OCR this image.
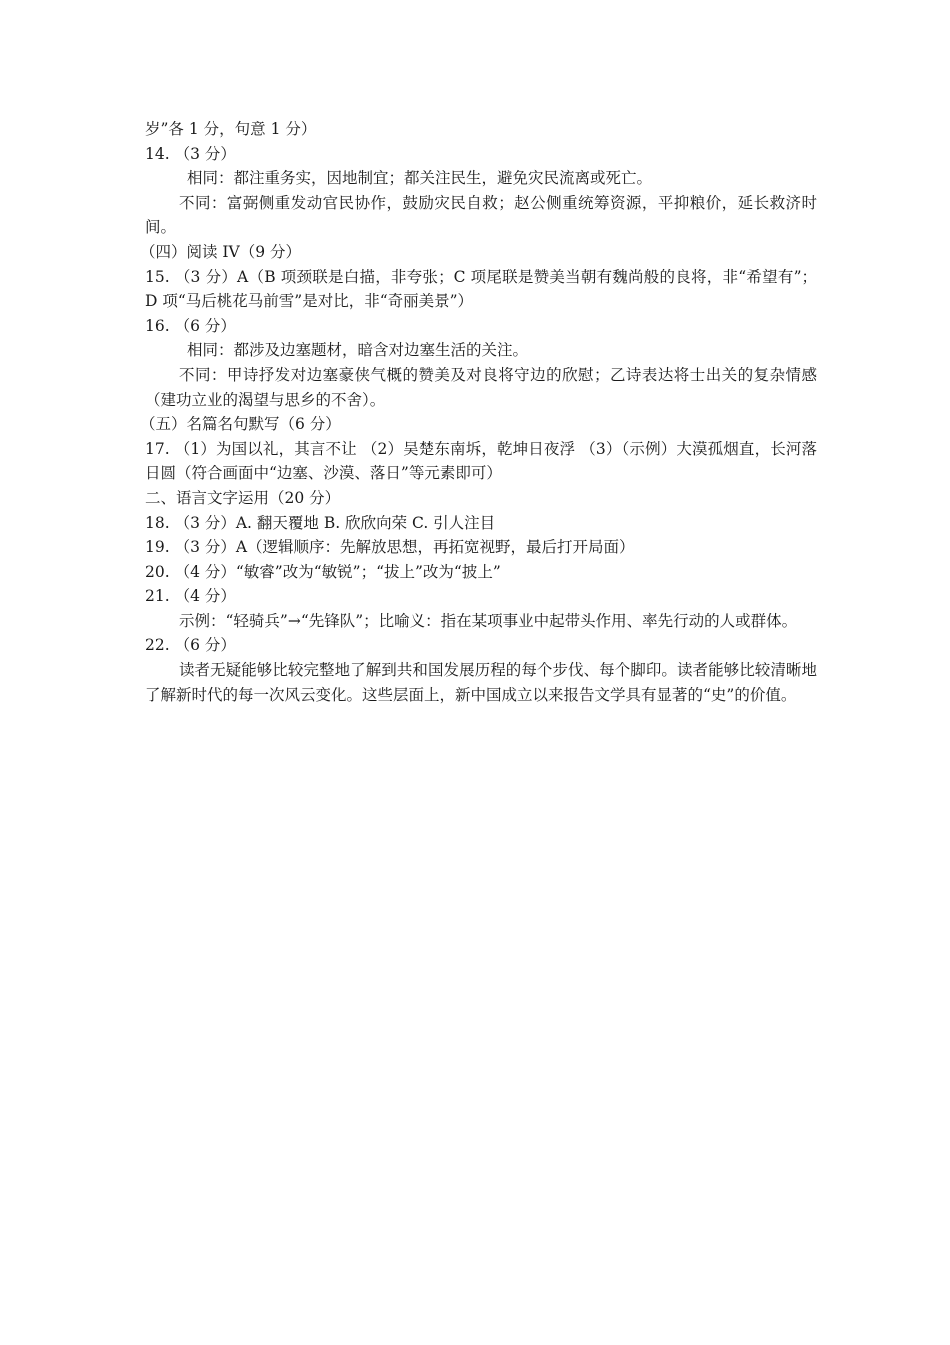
岁”各 1 分，句意 1 分）
14. （3 分）
相同：都注重务实，因地制宜；都关注民生，避免灾民流离或死亡。
不同：富弼侧重发动官民协作，鼓励灾民自救；赵公侧重统筹资源，平抑粮价，延长救济时间。
（四）阅读 IV（9 分）
15. （3 分）A（B 项颈联是白描，非夸张；C 项尾联是赞美当朝有魏尚般的良将，非“希望有”；D 项“马后桃花马前雪”是对比，非“奇丽美景”）
16. （6 分）
相同：都涉及边塞题材，暗含对边塞生活的关注。
不同：甲诗抒发对边塞豪侠气概的赞美及对良将守边的欣慰；乙诗表达将士出关的复杂情感（建功立业的渴望与思乡的不舍）。
（五）名篇名句默写（6 分）
17. （1）为国以礼，其言不让 （2）吴楚东南坼，乾坤日夜浮 （3）（示例）大漠孤烟直，长河落日圆（符合画面中“边塞、沙漠、落日”等元素即可）
二、语言文字运用（20 分）
18. （3 分）A. 翻天覆地 B. 欣欣向荣 C. 引人注目
19. （3 分）A（逻辑顺序：先解放思想，再拓宽视野，最后打开局面）
20. （4 分）“敏睿”改为“敏锐”；“拔上”改为“披上”
21. （4 分）
示例：“轻骑兵”→“先锋队”；比喻义：指在某项事业中起带头作用、率先行动的人或群体。
22. （6 分）
读者无疑能够比较完整地了解到共和国发展历程的每个步伐、每个脚印。读者能够比较清晰地了解新时代的每一次风云变化。这些层面上，新中国成立以来报告文学具有显著的“史”的价值。
